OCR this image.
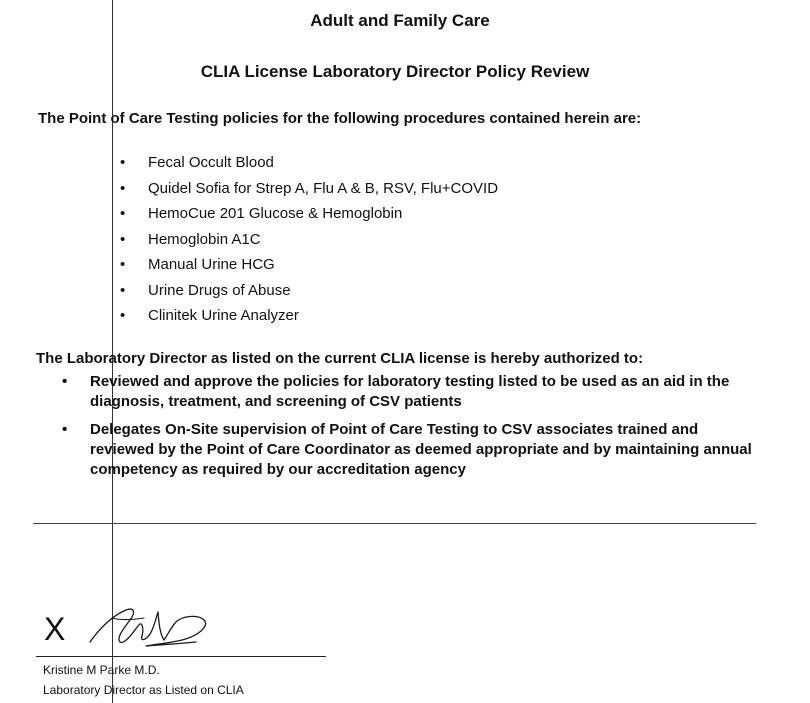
Adult and Family Care
CLIA License Laboratory Director Policy Review
The Point of Care Testing policies for the following procedures contained herein are:
• Fecal Occult Blood
• Quidel Sofia for Strep A, Flu A & B, RSV, Flu+COVID
• HemoCue 201 Glucose & Hemoglobin
• Hemoglobin A1C
• Manual Urine HCG
• Urine Drugs of Abuse
• Clinitek Urine Analyzer
The Laboratory Director as listed on the current CLIA license is hereby authorized to:
• Reviewed and approve the policies for laboratory testing listed to be used as an aid in the diagnosis, treatment, and screening of CSV patients
• Delegates On-Site supervision of Point of Care Testing to CSV associates trained and reviewed by the Point of Care Coordinator as deemed appropriate and by maintaining annual competency as required by our accreditation agency
X
Kristine M Parke M.D.
Laboratory Director as Listed on CLIA
